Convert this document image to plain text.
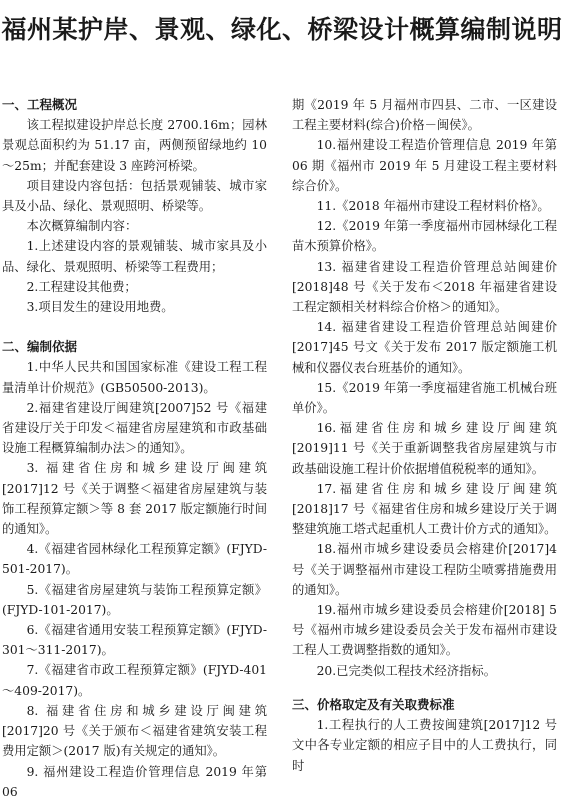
福州某护岸、景观、绿化、桥梁设计概算编制说明
一、工程概况

该工程拟建设护岸总长度 2700.16m；园林景观总面积约为 51.17 亩，两侧预留绿地约 10～25m；并配套建设 3 座跨河桥梁。

项目建设内容包括：包括景观铺装、城市家具及小品、绿化、景观照明、桥梁等。

本次概算编制内容：

1.上述建设内容的景观铺装、城市家具及小品、绿化、景观照明、桥梁等工程费用；

2.工程建设其他费；

3.项目发生的建设用地费。

二、编制依据

1.中华人民共和国国家标准《建设工程工程量清单计价规范》(GB50500-2013)。

2.福建省建设厅闽建筑[2007]52 号《福建省建设厅关于印发＜福建省房屋建筑和市政基础设施工程概算编制办法＞的通知》。

3. 福建省住房和城乡建设厅闽建筑[2017]12 号《关于调整＜福建省房屋建筑与装饰工程预算定额＞等 8 套 2017 版定额施行时间的通知》。

4.《福建省园林绿化工程预算定额》(FJYD-501-2017)。

5.《福建省房屋建筑与装饰工程预算定额》(FJYD-101-2017)。

6.《福建省通用安装工程预算定额》(FJYD-301～311-2017)。

7.《福建省市政工程预算定额》(FJYD-401～409-2017)。

8. 福建省住房和城乡建设厅闽建筑[2017]20 号《关于颁布＜福建省建筑安装工程费用定额＞(2017 版)有关规定的通知》。

9. 福州建设工程造价管理信息 2019 年第 06

期《2019 年 5 月福州市四县、二市、一区建设工程主要材料(综合)价格－闽侯》。

10.福州建设工程造价管理信息 2019 年第 06 期《福州市 2019 年 5 月建设工程主要材料综合价》。

11.《2018 年福州市建设工程材料价格》。

12.《2019 年第一季度福州市园林绿化工程苗木预算价格》。

13. 福建省建设工程造价管理总站闽建价[2018]48 号《关于发布＜2018 年福建省建设工程定额相关材料综合价格＞的通知》。

14. 福建省建设工程造价管理总站闽建价[2017]45 号文《关于发布 2017 版定额施工机械和仪器仪表台班基价的通知》。

15.《2019 年第一季度福建省施工机械台班单价》。

16.福建省住房和城乡建设厅闽建筑 [2019]11 号《关于重新调整我省房屋建筑与市政基础设施工程计价依据增值税税率的通知》。

17.福建省住房和城乡建设厅闽建筑[2018]17 号《福建省住房和城乡建设厅关于调整建筑施工塔式起重机人工费计价方式的通知》。

18.福州市城乡建设委员会榕建价[2017]4 号《关于调整福州市建设工程防尘喷雾措施费用的通知》。

19.福州市城乡建设委员会榕建价[2018] 5 号《福州市城乡建设委员会关于发布福州市建设工程人工费调整指数的通知》。

20.已完类似工程技术经济指标。

三、价格取定及有关取费标准

1.工程执行的人工费按闽建筑[2017]12 号文中各专业定额的相应子目中的人工费执行，同时
